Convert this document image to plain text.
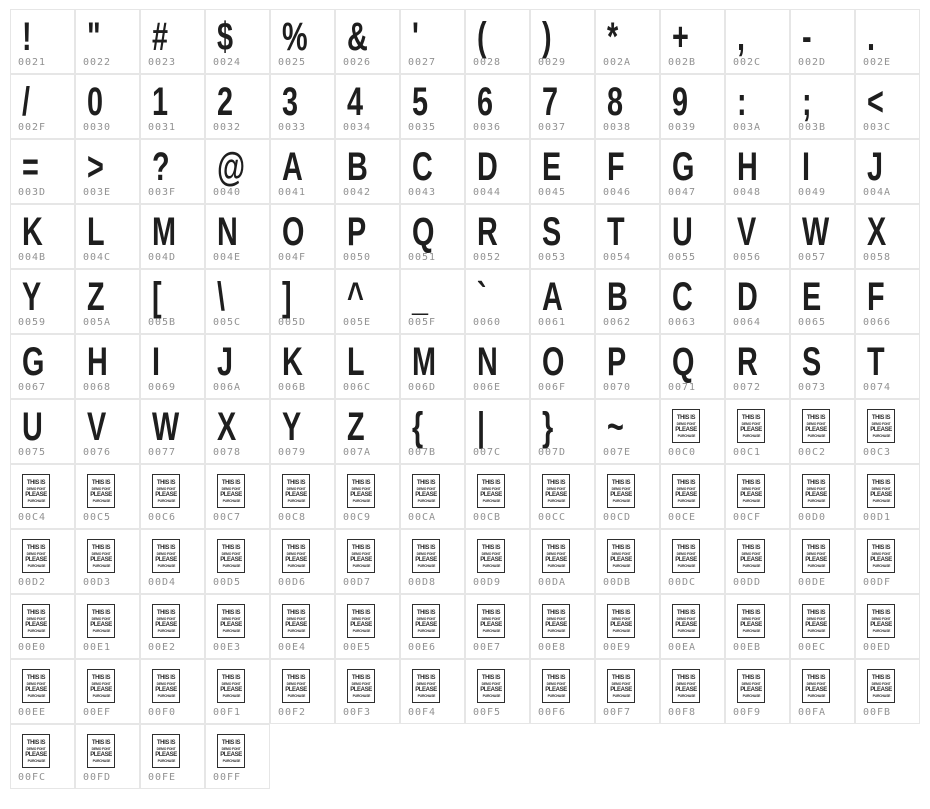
!
0021
"
0022
#
0023
$
0024
%
0025
&
0026
'
0027
(
0028
)
0029
*
002A
+
002B
,
002C
-
002D
.
002E
/
002F
0
0030
1
0031
2
0032
3
0033
4
0034
5
0035
6
0036
7
0037
8
0038
9
0039
:
003A
;
003B
<
003C
=
003D
>
003E
?
003F
@
0040
A
0041
B
0042
C
0043
D
0044
E
0045
F
0046
G
0047
H
0048
I
0049
J
004A
K
004B
L
004C
M
004D
N
004E
O
004F
P
0050
Q
0051
R
0052
S
0053
T
0054
U
0055
V
0056
W
0057
X
0058
Y
0059
Z
005A
[
005B
\
005C
]
005D
^
005E
_
005F
`
0060
A
0061
B
0062
C
0063
D
0064
E
0065
F
0066
G
0067
H
0068
I
0069
J
006A
K
006B
L
006C
M
006D
N
006E
O
006F
P
0070
Q
0071
R
0072
S
0073
T
0074
U
0075
V
0076
W
0077
X
0078
Y
0079
Z
007A
{
007B
|
007C
}
007D
~
007E
THIS IS
DEMO FONT
PLEASE
PURCHASE
00C0
THIS IS
DEMO FONT
PLEASE
PURCHASE
00C1
THIS IS
DEMO FONT
PLEASE
PURCHASE
00C2
THIS IS
DEMO FONT
PLEASE
PURCHASE
00C3
THIS IS
DEMO FONT
PLEASE
PURCHASE
00C4
THIS IS
DEMO FONT
PLEASE
PURCHASE
00C5
THIS IS
DEMO FONT
PLEASE
PURCHASE
00C6
THIS IS
DEMO FONT
PLEASE
PURCHASE
00C7
THIS IS
DEMO FONT
PLEASE
PURCHASE
00C8
THIS IS
DEMO FONT
PLEASE
PURCHASE
00C9
THIS IS
DEMO FONT
PLEASE
PURCHASE
00CA
THIS IS
DEMO FONT
PLEASE
PURCHASE
00CB
THIS IS
DEMO FONT
PLEASE
PURCHASE
00CC
THIS IS
DEMO FONT
PLEASE
PURCHASE
00CD
THIS IS
DEMO FONT
PLEASE
PURCHASE
00CE
THIS IS
DEMO FONT
PLEASE
PURCHASE
00CF
THIS IS
DEMO FONT
PLEASE
PURCHASE
00D0
THIS IS
DEMO FONT
PLEASE
PURCHASE
00D1
THIS IS
DEMO FONT
PLEASE
PURCHASE
00D2
THIS IS
DEMO FONT
PLEASE
PURCHASE
00D3
THIS IS
DEMO FONT
PLEASE
PURCHASE
00D4
THIS IS
DEMO FONT
PLEASE
PURCHASE
00D5
THIS IS
DEMO FONT
PLEASE
PURCHASE
00D6
THIS IS
DEMO FONT
PLEASE
PURCHASE
00D7
THIS IS
DEMO FONT
PLEASE
PURCHASE
00D8
THIS IS
DEMO FONT
PLEASE
PURCHASE
00D9
THIS IS
DEMO FONT
PLEASE
PURCHASE
00DA
THIS IS
DEMO FONT
PLEASE
PURCHASE
00DB
THIS IS
DEMO FONT
PLEASE
PURCHASE
00DC
THIS IS
DEMO FONT
PLEASE
PURCHASE
00DD
THIS IS
DEMO FONT
PLEASE
PURCHASE
00DE
THIS IS
DEMO FONT
PLEASE
PURCHASE
00DF
THIS IS
DEMO FONT
PLEASE
PURCHASE
00E0
THIS IS
DEMO FONT
PLEASE
PURCHASE
00E1
THIS IS
DEMO FONT
PLEASE
PURCHASE
00E2
THIS IS
DEMO FONT
PLEASE
PURCHASE
00E3
THIS IS
DEMO FONT
PLEASE
PURCHASE
00E4
THIS IS
DEMO FONT
PLEASE
PURCHASE
00E5
THIS IS
DEMO FONT
PLEASE
PURCHASE
00E6
THIS IS
DEMO FONT
PLEASE
PURCHASE
00E7
THIS IS
DEMO FONT
PLEASE
PURCHASE
00E8
THIS IS
DEMO FONT
PLEASE
PURCHASE
00E9
THIS IS
DEMO FONT
PLEASE
PURCHASE
00EA
THIS IS
DEMO FONT
PLEASE
PURCHASE
00EB
THIS IS
DEMO FONT
PLEASE
PURCHASE
00EC
THIS IS
DEMO FONT
PLEASE
PURCHASE
00ED
THIS IS
DEMO FONT
PLEASE
PURCHASE
00EE
THIS IS
DEMO FONT
PLEASE
PURCHASE
00EF
THIS IS
DEMO FONT
PLEASE
PURCHASE
00F0
THIS IS
DEMO FONT
PLEASE
PURCHASE
00F1
THIS IS
DEMO FONT
PLEASE
PURCHASE
00F2
THIS IS
DEMO FONT
PLEASE
PURCHASE
00F3
THIS IS
DEMO FONT
PLEASE
PURCHASE
00F4
THIS IS
DEMO FONT
PLEASE
PURCHASE
00F5
THIS IS
DEMO FONT
PLEASE
PURCHASE
00F6
THIS IS
DEMO FONT
PLEASE
PURCHASE
00F7
THIS IS
DEMO FONT
PLEASE
PURCHASE
00F8
THIS IS
DEMO FONT
PLEASE
PURCHASE
00F9
THIS IS
DEMO FONT
PLEASE
PURCHASE
00FA
THIS IS
DEMO FONT
PLEASE
PURCHASE
00FB
THIS IS
DEMO FONT
PLEASE
PURCHASE
00FC
THIS IS
DEMO FONT
PLEASE
PURCHASE
00FD
THIS IS
DEMO FONT
PLEASE
PURCHASE
00FE
THIS IS
DEMO FONT
PLEASE
PURCHASE
00FF
